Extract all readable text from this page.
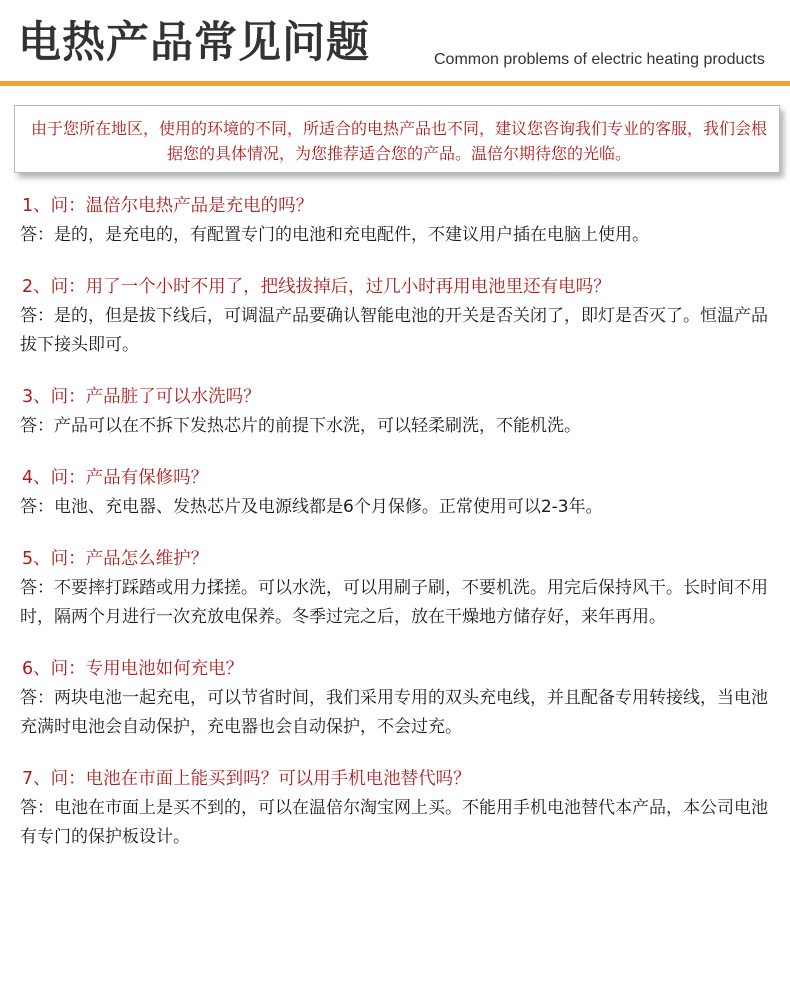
电热产品常见问题	Common problems of electric heating products

由于您所在地区，使用的环境的不同，所适合的电热产品也不同，建议您咨询我们专业的客服，我们会根据您的具体情况，为您推荐适合您的产品。温倍尔期待您的光临。

1、问：温倍尔电热产品是充电的吗？

答：是的，是充电的，有配置专门的电池和充电配件，不建议用户插在电脑上使用。

2、问：用了一个小时不用了，把线拔掉后，过几小时再用电池里还有电吗？

答：是的，但是拔下线后，可调温产品要确认智能电池的开关是否关闭了，即灯是否灭了。恒温产品拔下接头即可。

3、问：产品脏了可以水洗吗？

答：产品可以在不拆下发热芯片的前提下水洗，可以轻柔刷洗，不能机洗。

4、问：产品有保修吗？

答：电池、充电器、发热芯片及电源线都是6个月保修。正常使用可以2-3年。

5、问：产品怎么维护？

答：不要摔打踩踏或用力揉搓。可以水洗，可以用刷子刷，不要机洗。用完后保持风干。长时间不用时，隔两个月进行一次充放电保养。冬季过完之后，放在干燥地方储存好，来年再用。

6、问：专用电池如何充电？

答：两块电池一起充电，可以节省时间，我们采用专用的双头充电线，并且配备专用转接线，当电池充满时电池会自动保护，充电器也会自动保护，不会过充。

7、问：电池在市面上能买到吗？可以用手机电池替代吗？

答：电池在市面上是买不到的，可以在温倍尔淘宝网上买。不能用手机电池替代本产品，本公司电池有专门的保护板设计。
